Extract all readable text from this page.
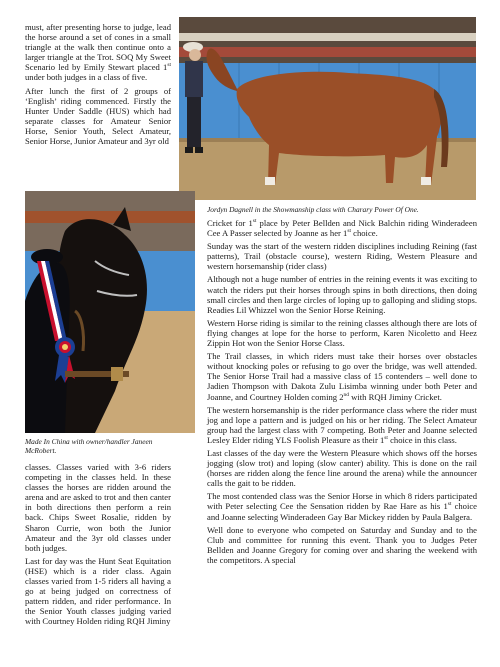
must, after presenting horse to judge, lead the horse around a set of cones in a small triangle at the walk then continue onto a larger triangle at the Trot. SOQ My Sweet Scenario led by Emily Stewart placed 1st under both judges in a class of five.

After lunch the first of 2 groups of ‘English’ riding commenced. Firstly the Hunter Under Saddle (HUS) which had separate classes for Amateur Senior Horse, Senior Youth, Select Amateur, Senior Horse, Junior Amateur and 3yr old

Jordyn Dagnell in the Showmanship class with Charary Power Of One.
Made In China with owner/handler Janeen McRobert.

classes. Classes varied with 3-6 riders competing in the classes held. In these classes the horses are ridden around the arena and are asked to trot and then canter in both directions then perform a rein back. Chips Sweet Rosalie, ridden by Sharon Currie, won both the Junior Amateur and the 3yr old classes under both judges.

Last for day was the Hunt Seat Equitation (HSE) which is a rider class. Again classes varied from 1-5 riders all having a go at being judged on correctness of pattern ridden, and rider performance. In the Senior Youth classes judging varied with Courtney Holden riding RQH Jiminy

Cricket for 1st place by Peter Bellden and Nick Balchin riding Winderadeen Cee A Passer selected by Joanne as her 1st choice.

Sunday was the start of the western ridden disciplines including Reining (fast patterns), Trail (obstacle course), western Riding, Western Pleasure and western horsemanship (rider class)

Although not a huge number of entries in the reining events it was exciting to watch the riders put their horses through spins in both directions, then doing small circles and then large circles of loping up to galloping and sliding stops. Readies Lil Whizzel won the Senior Horse Reining.

Western Horse riding is similar to the reining classes although there are lots of flying changes at lope for the horse to perform, Karen Nicoletto and Heez Zippin Hot won the Senior Horse Class.

The Trail classes, in which riders must take their horses over obstacles without knocking poles or refusing to go over the bridge, was well attended. The Senior Horse Trail had a massive class of 15 contenders – well done to Jadien Thompson with Dakota Zulu Lisimba winning under both Peter and Joanne, and Courtney Holden coming 2nd with RQH Jiminy Cricket.

The western horsemanship is the rider performance class where the rider must jog and lope a pattern and is judged on his or her riding. The Select Amateur group had the largest class with 7 competing. Both Peter and Joanne selected Lesley Elder riding YLS Foolish Pleasure as their 1st choice in this class.

Last classes of the day were the Western Pleasure which shows off the horses jogging (slow trot) and loping (slow canter) ability. This is done on the rail (horses are ridden along the fence line around the arena) while the announcer calls the gait to be ridden.

The most contended class was the Senior Horse in which 8 riders participated with Peter selecting Cee the Sensation ridden by Rae Hare as his 1st choice and Joanne selecting Winderadeen Gay Bar Mickey ridden by Paula Balgera.

Well done to everyone who competed on Saturday and Sunday and to the Club and committee for running this event. Thank you to Judges Peter Bellden and Joanne Gregory for coming over and sharing the weekend with the competitors. A special
